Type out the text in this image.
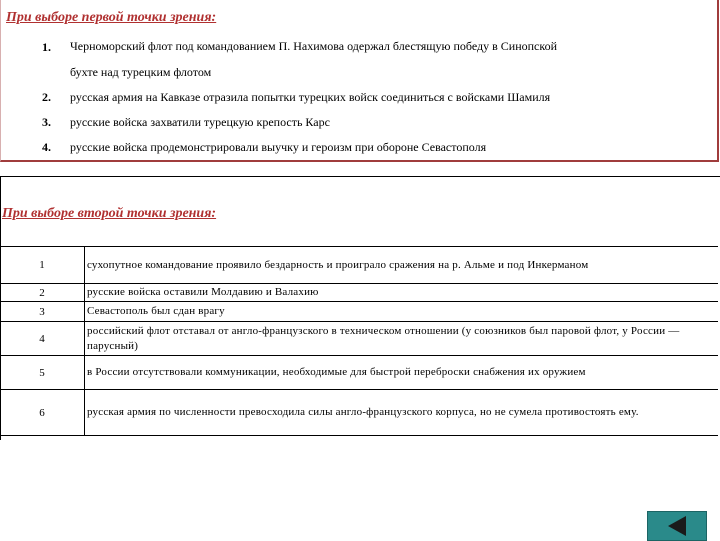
При выборе первой точки зрения:
1. Черноморский флот под командованием П. Нахимова одержал блестящую победу в Синопской
бухте над турецким флотом
2. русская армия на Кавказе отразила попытки турецких войск соединиться с войсками Шамиля
3. русские войска захватили турецкую крепость Карс
4. русские войска продемонстрировали выучку и героизм при обороне Севастополя
При выборе второй точки зрения:
1	сухопутное командование проявило бездарность и проиграло сражения на р. Альме и под Инкерманом
2	русские войска оставили Молдавию и Валахию
3	Севастополь был сдан врагу
4	российский флот отставал от англо-французского в техническом отношении (у союзников был паровой флот, у России — парусный)
5	в России отсутствовали коммуникации, необходимые для быстрой переброски снабжения их оружием
6	русская армия по численности превосходила силы англо-французского корпуса, но не сумела противостоять ему.
